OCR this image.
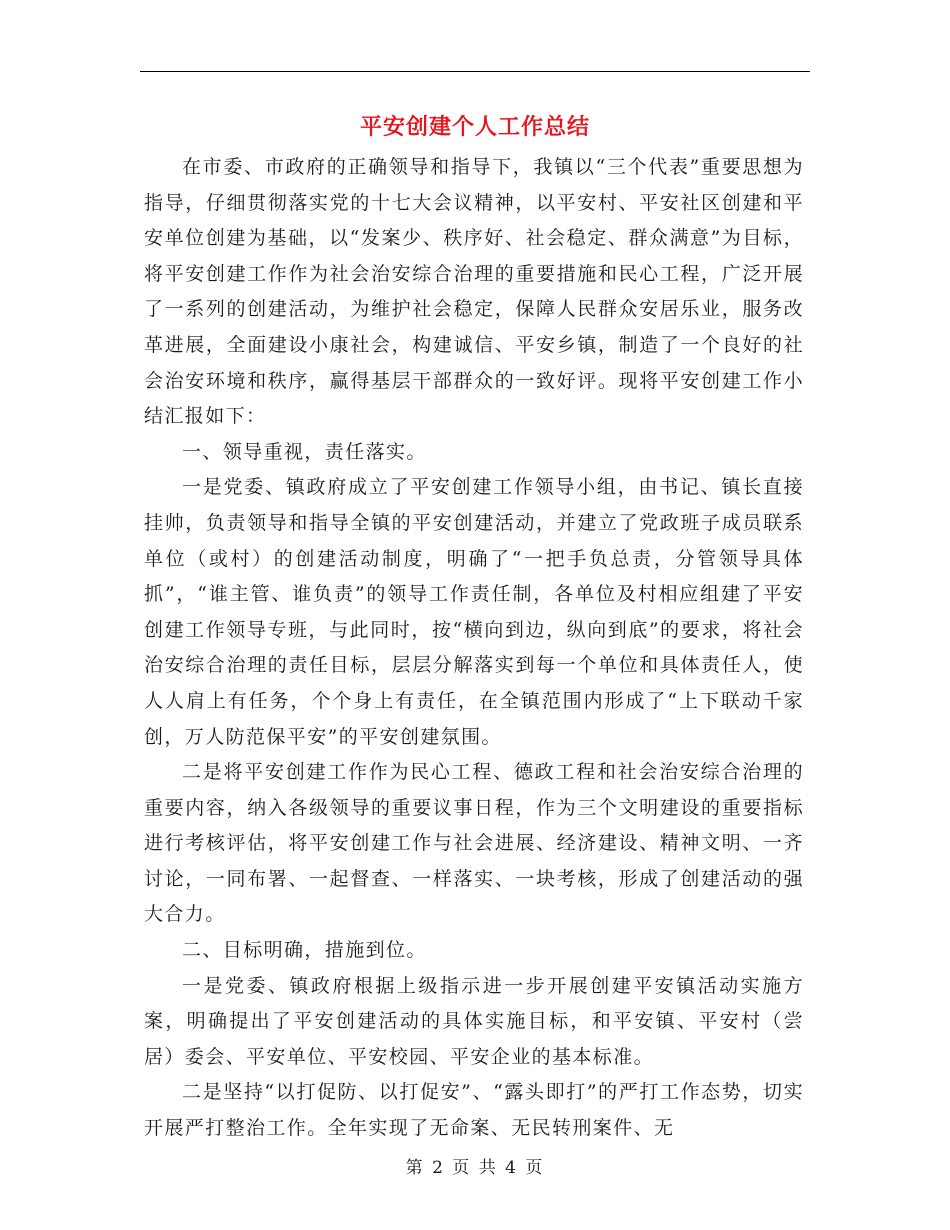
平安创建个人工作总结

在市委、市政府的正确领导和指导下，我镇以“三个代表”重要思想为指导，仔细贯彻落实党的十七大会议精神，以平安村、平安社区创建和平安单位创建为基础，以“发案少、秩序好、社会稳定、群众满意”为目标，将平安创建工作作为社会治安综合治理的重要措施和民心工程，广泛开展了一系列的创建活动，为维护社会稳定，保障人民群众安居乐业，服务改革进展，全面建设小康社会，构建诚信、平安乡镇，制造了一个良好的社会治安环境和秩序，赢得基层干部群众的一致好评。现将平安创建工作小结汇报如下：

一、领导重视，责任落实。

一是党委、镇政府成立了平安创建工作领导小组，由书记、镇长直接挂帅，负责领导和指导全镇的平安创建活动，并建立了党政班子成员联系单位（或村）的创建活动制度，明确了“一把手负总责，分管领导具体抓”，“谁主管、谁负责”的领导工作责任制，各单位及村相应组建了平安创建工作领导专班，与此同时，按“横向到边，纵向到底”的要求，将社会治安综合治理的责任目标，层层分解落实到每一个单位和具体责任人，使人人肩上有任务，个个身上有责任，在全镇范围内形成了“上下联动千家创，万人防范保平安”的平安创建氛围。

二是将平安创建工作作为民心工程、德政工程和社会治安综合治理的重要内容，纳入各级领导的重要议事日程，作为三个文明建设的重要指标进行考核评估，将平安创建工作与社会进展、经济建设、精神文明、一齐讨论，一同布署、一起督查、一样落实、一块考核，形成了创建活动的强大合力。

二、目标明确，措施到位。

一是党委、镇政府根据上级指示进一步开展创建平安镇活动实施方案，明确提出了平安创建活动的具体实施目标，和平安镇、平安村（尝居）委会、平安单位、平安校园、平安企业的基本标准。

二是坚持“以打促防、以打促安”、“露头即打”的严打工作态势，切实开展严打整治工作。全年实现了无命案、无民转刑案件、无

第 2 页 共 4 页
